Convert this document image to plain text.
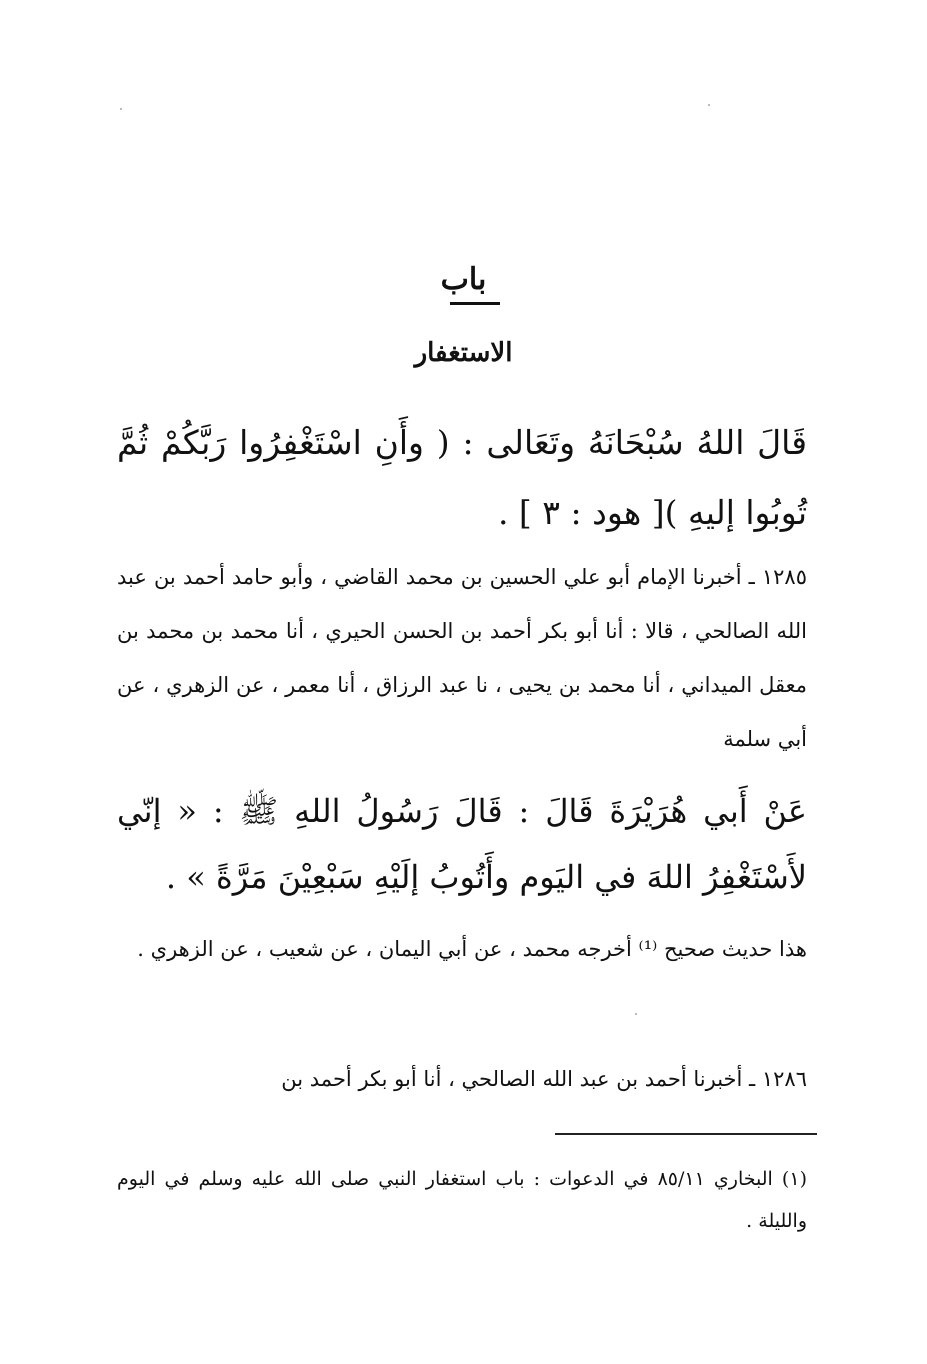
باب
الاستغفار
قَالَ اللهُ سُبْحَانَهُ وتَعَالى : ( وأَنِ اسْتَغْفِرُوا رَبَّكُمْ ثُمَّ تُوبُوا إليهِ )[ هود : ٣ ] .
١٢٨٥ ـ أخبرنا الإمام أبو علي الحسين بن محمد القاضي ، وأبو حامد أحمد بن عبد الله الصالحي ، قالا : أنا أبو بكر أحمد بن الحسن الحيري ، أنا محمد بن محمد بن معقل الميداني ، أنا محمد بن يحيى ، نا عبد الرزاق ، أنا معمر ، عن الزهري ، عن أبي سلمة
عَنْ أَبي هُرَيْرَةَ قَالَ : قَالَ رَسُولُ اللهِ ﷺ : « إنّي لأَسْتَغْفِرُ اللهَ في اليَوم وأَتُوبُ إلَيْهِ سَبْعِيْنَ مَرَّةً » .
هذا حديث صحيح ⁽¹⁾ أخرجه محمد ، عن أبي اليمان ، عن شعيب ، عن الزهري .
١٢٨٦ ـ أخبرنا أحمد بن عبد الله الصالحي ، أنا أبو بكر أحمد بن
(١) البخاري ٨٥/١١ في الدعوات : باب استغفار النبي صلى الله عليه وسلم في اليوم والليلة .
